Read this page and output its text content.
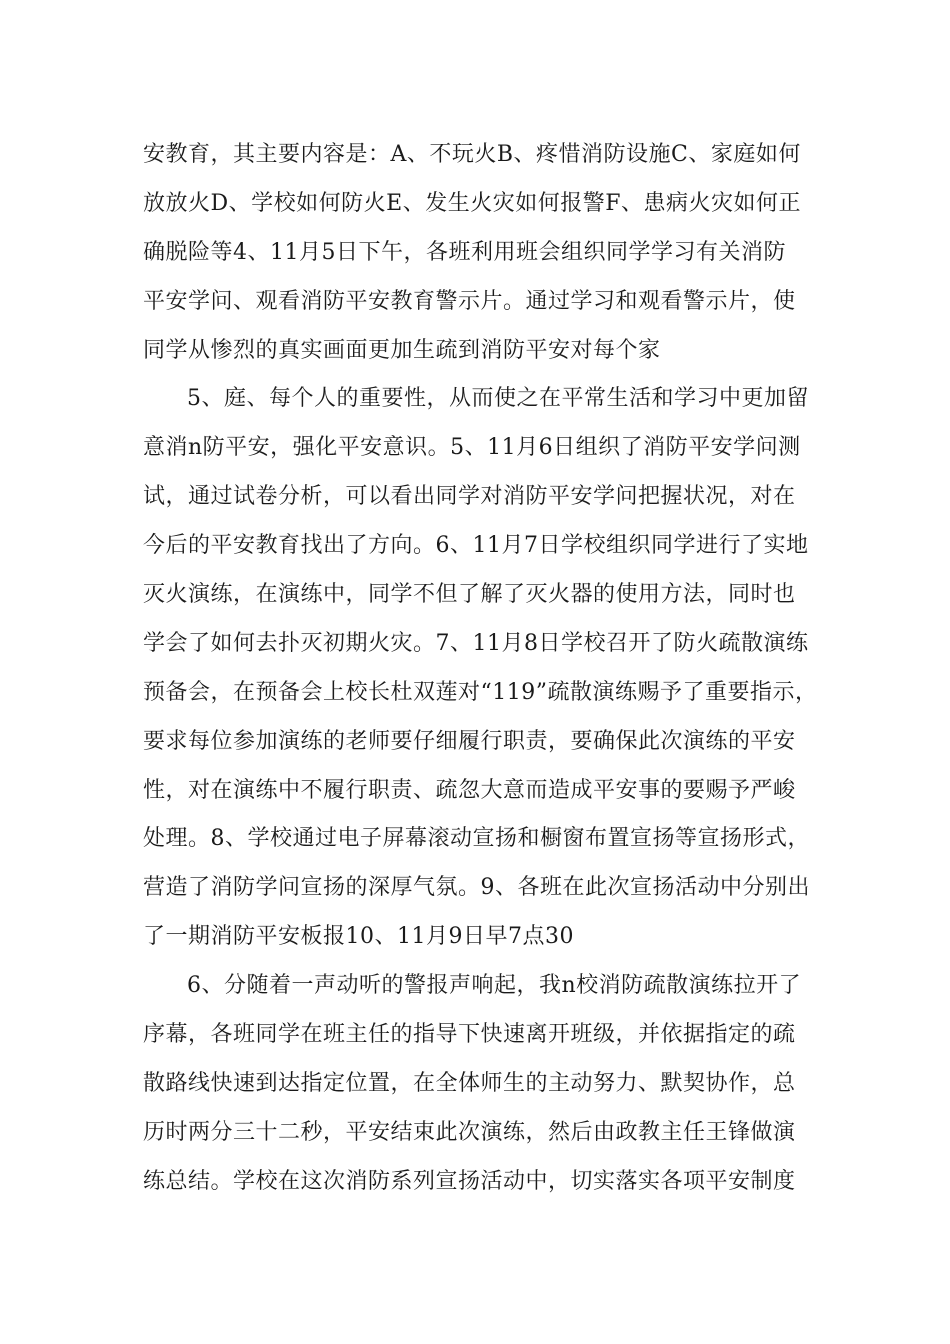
安教育，其主要内容是：A、不玩火B、疼惜消防设施C、家庭如何
放放火D、学校如何防火E、发生火灾如何报警F、患病火灾如何正
确脱险等4、11月5日下午，各班利用班会组织同学学习有关消防
平安学问、观看消防平安教育警示片。通过学习和观看警示片，使
同学从惨烈的真实画面更加生疏到消防平安对每个家
5、庭、每个人的重要性，从而使之在平常生活和学习中更加留
意消n防平安，强化平安意识。5、11月6日组织了消防平安学问测
试，通过试卷分析，可以看出同学对消防平安学问把握状况，对在
今后的平安教育找出了方向。6、11月7日学校组织同学进行了实地
灭火演练，在演练中，同学不但了解了灭火器的使用方法，同时也
学会了如何去扑灭初期火灾。7、11月8日学校召开了防火疏散演练
预备会，在预备会上校长杜双莲对“119”疏散演练赐予了重要指示，
要求每位参加演练的老师要仔细履行职责，要确保此次演练的平安
性，对在演练中不履行职责、疏忽大意而造成平安事的要赐予严峻
处理。8、学校通过电子屏幕滚动宣扬和橱窗布置宣扬等宣扬形式，
营造了消防学问宣扬的深厚气氛。9、各班在此次宣扬活动中分别出
了一期消防平安板报10、11月9日早7点30
6、分随着一声动听的警报声响起，我n校消防疏散演练拉开了
序幕，各班同学在班主任的指导下快速离开班级，并依据指定的疏
散路线快速到达指定位置，在全体师生的主动努力、默契协作，总
历时两分三十二秒，平安结束此次演练，然后由政教主任王锋做演
练总结。学校在这次消防系列宣扬活动中，切实落实各项平安制度
